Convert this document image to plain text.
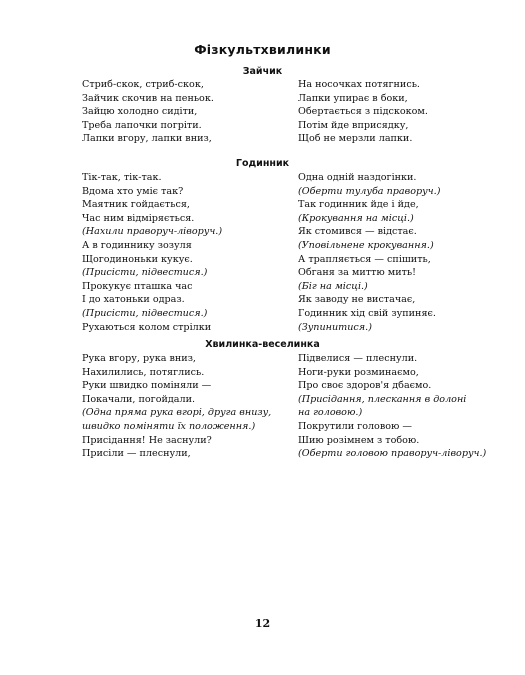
Фізкультхвилинки
Зайчик
Стриб-скок, стриб-скок,
Зайчик скочив на пеньок.
Зайцю холодно сидіти,
Треба лапочки погріти.
Лапки вгору, лапки вниз,
На носочках потягнись.
Лапки упирає в боки,
Обертається з підскоком.
Потім йде вприсядку,
Щоб не мерзли лапки.
Годинник
Тік-так, тік-так.
Вдома хто уміє так?
Маятник гойдається,
Час ним відміряється.
(Нахили праворуч-ліворуч.)
А в годиннику зозуля
Щогодиноньки кукує.
(Присісти, підвестися.)
Прокукує пташка час
І до хатоньки одраз.
(Присісти, підвестися.)
Рухаються колом стрілки
Одна одній наздогінки.
(Оберти тулуба праворуч.)
Так годинник йде і йде,
(Крокування на місці.)
Як стомився — відстає.
(Уповільнене крокування.)
А трапляється — спішить,
Обганя за миттю мить!
(Біг на місці.)
Як заводу не вистачає,
Годинник хід свій зупиняє.
(Зупинитися.)
Хвилинка-веселинка
Рука вгору, рука вниз,
Нахилились, потяглись.
Руки швидко поміняли —
Покачали, погойдали.
(Одна пряма рука вгорі, друга внизу,
швидко поміняти їх положення.)
Присідання! Не заснули?
Присіли — плеснули,
Підвелися — плеснули.
Ноги-руки розминаємо,
Про своє здоров'я дбаємо.
(Присідання, плескання в долоні
на головою.)
Покрутили головою —
Шию розімнем з тобою.
(Оберти головою праворуч-ліворуч.)
12
